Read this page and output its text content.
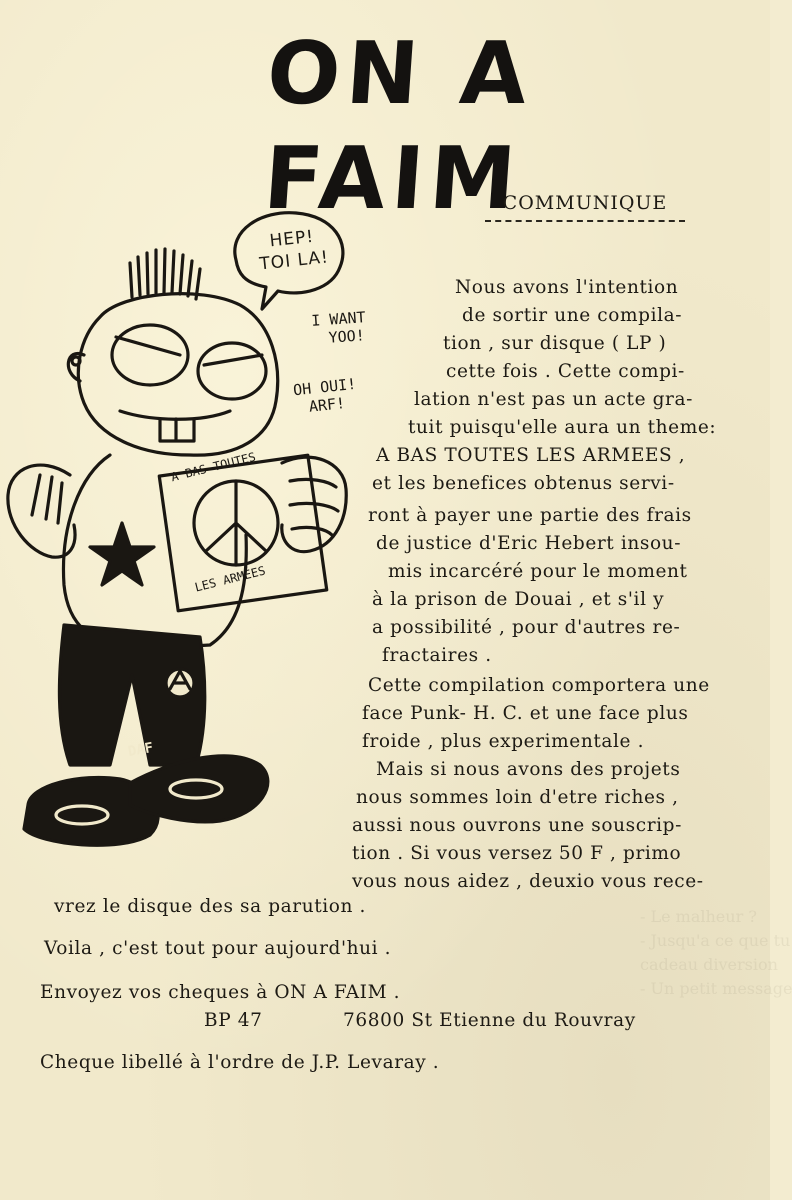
- Le malheur ?
- Jusqu'a ce que tu
cadeau diversion
- Un petit message
ON A FAIM
COMMUNIQUE
HEP!
TOI LA!
I WANT
YOO!
OH OUI!
ARF!
A BAS TOUTES
LES ARMÉES
DAF
Nous avons l'intention
de sortir une compila-
tion , sur disque ( LP )
cette fois . Cette compi-
lation n'est pas un acte gra-
tuit puisqu'elle aura un theme:
A BAS TOUTES LES ARMEES ,
et les benefices obtenus servi-
ront à payer une partie des frais
de justice d'Eric Hebert insou-
mis incarcéré pour le moment
à la prison de Douai , et s'il y
a possibilité , pour d'autres re-
fractaires .
Cette compilation comportera une
face Punk- H. C. et une face plus
froide , plus experimentale .
Mais si nous avons des projets
nous sommes loin d'etre riches ,
aussi nous ouvrons une souscrip-
tion . Si vous versez 50 F , primo
vous nous aidez , deuxio vous rece-
vrez le disque des sa parution .
Voila , c'est tout pour aujourd'hui .
Envoyez vos cheques à ON A FAIM .
BP 47	76800 St Etienne du Rouvray
Cheque libellé à l'ordre de J.P. Levaray .
